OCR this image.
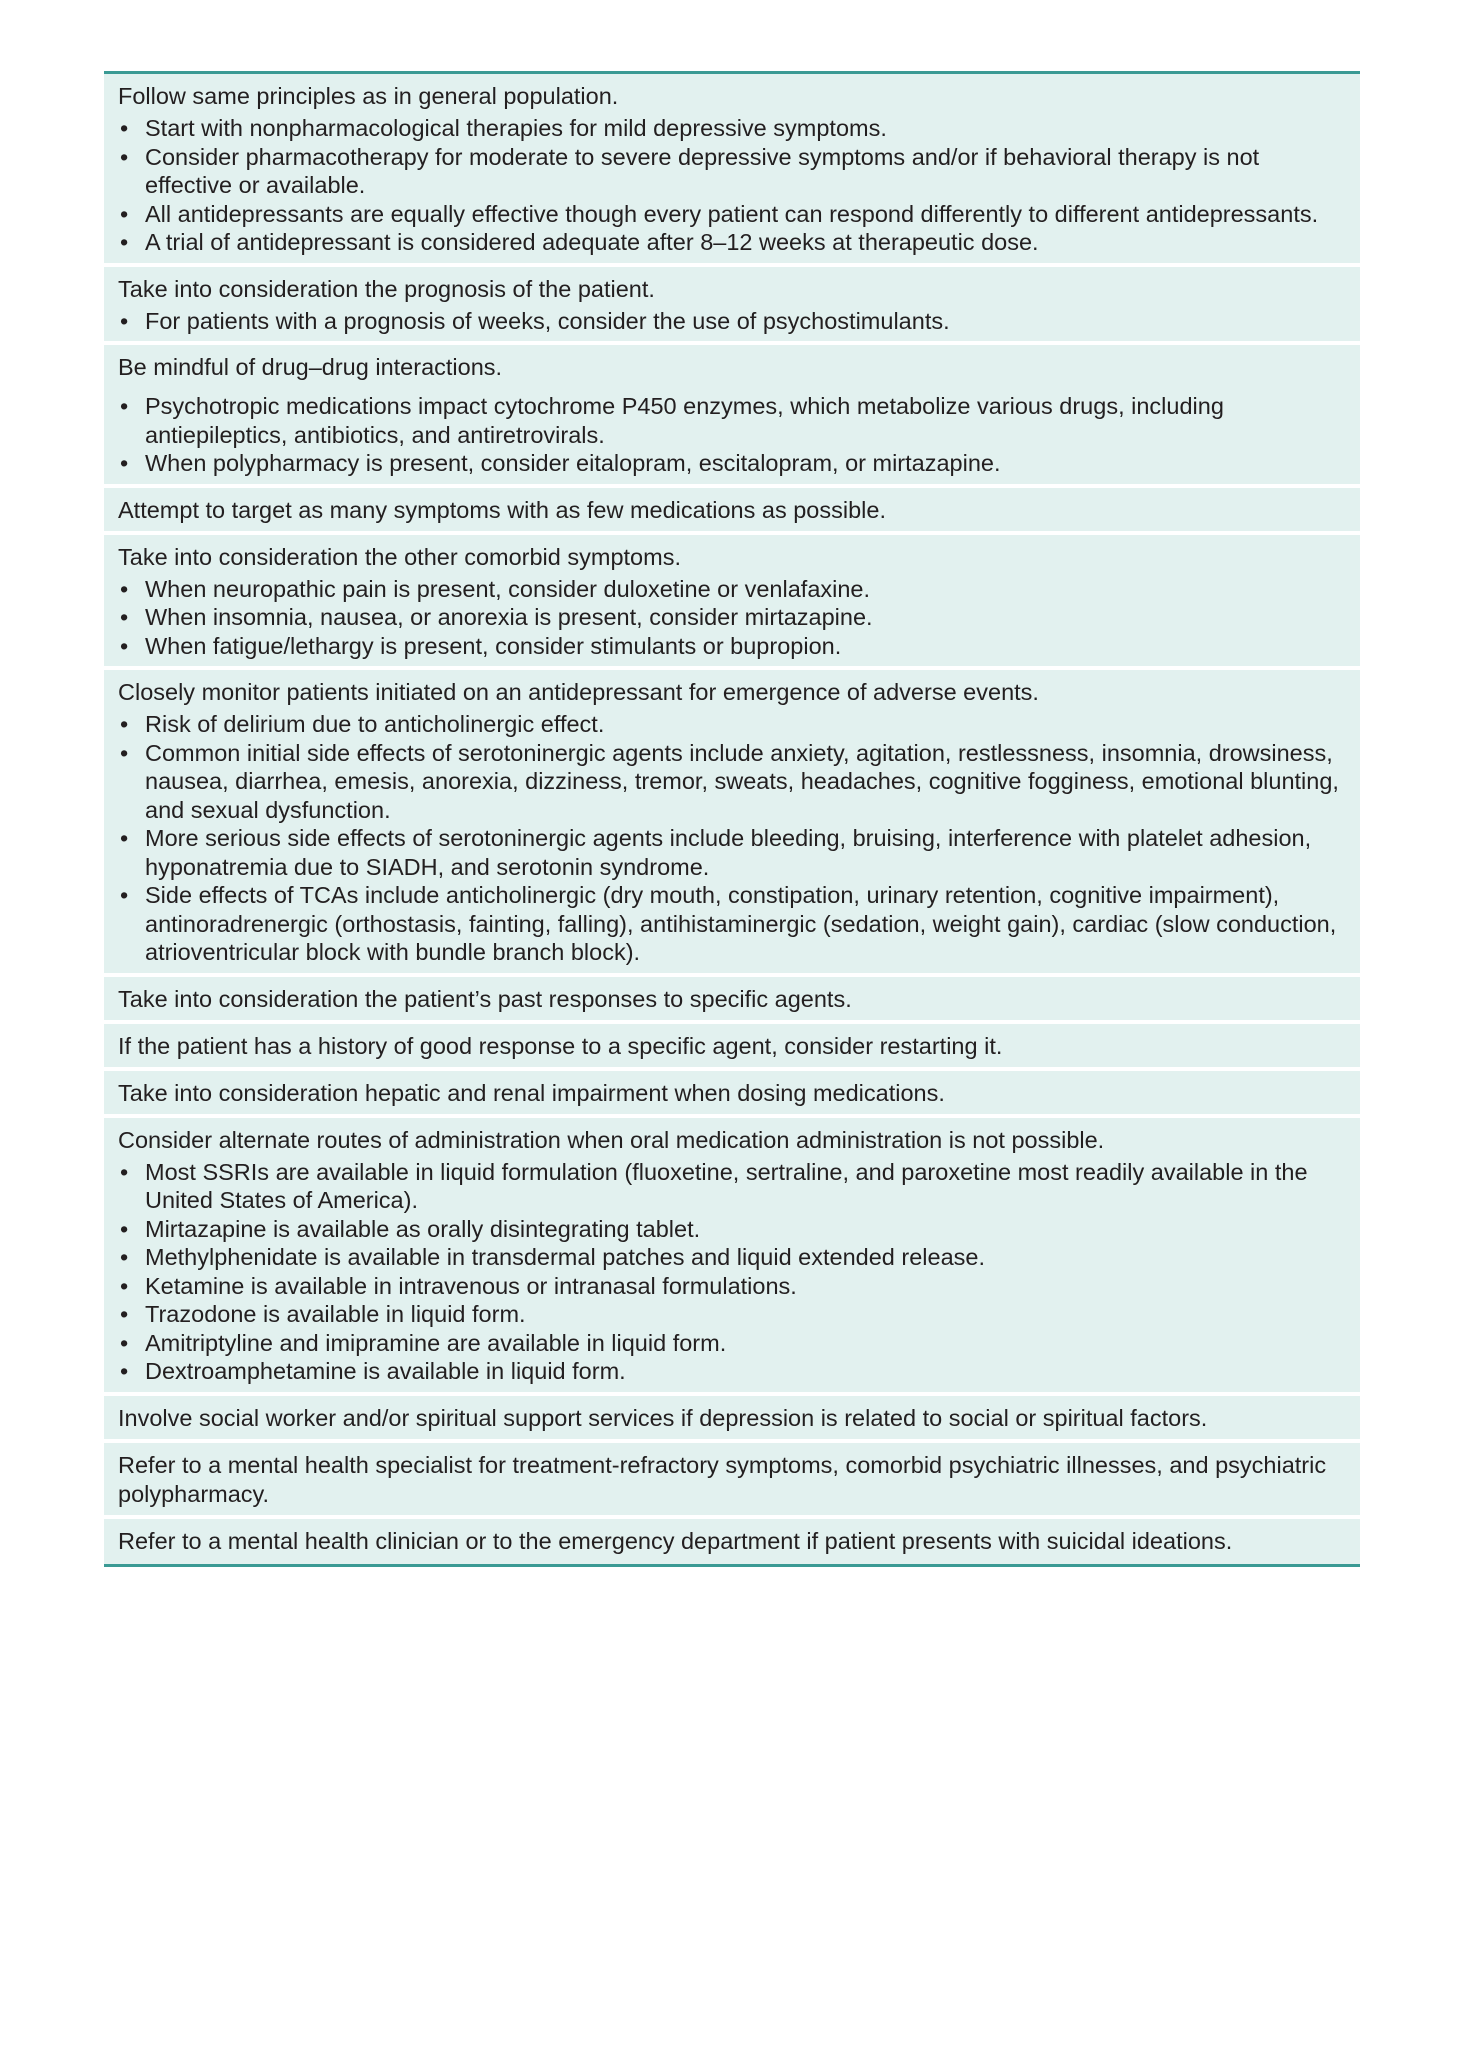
Follow same principles as in general population.

• Start with nonpharmacological therapies for mild depressive symptoms.
• Consider pharmacotherapy for moderate to severe depressive symptoms and/or if behavioral therapy is not effective or available.
• All antidepressants are equally effective though every patient can respond differently to different antidepressants.
• A trial of antidepressant is considered adequate after 8–12 weeks at therapeutic dose.

Take into consideration the prognosis of the patient.

• For patients with a prognosis of weeks, consider the use of psychostimulants.

Be mindful of drug–drug interactions.

• Psychotropic medications impact cytochrome P450 enzymes, which metabolize various drugs, including antiepileptics, antibiotics, and antiretrovirals.
• When polypharmacy is present, consider eitalopram, escitalopram, or mirtazapine.

Attempt to target as many symptoms with as few medications as possible.

Take into consideration the other comorbid symptoms.

• When neuropathic pain is present, consider duloxetine or venlafaxine.
• When insomnia, nausea, or anorexia is present, consider mirtazapine.
• When fatigue/lethargy is present, consider stimulants or bupropion.

Closely monitor patients initiated on an antidepressant for emergence of adverse events.

• Risk of delirium due to anticholinergic effect.
• Common initial side effects of serotoninergic agents include anxiety, agitation, restlessness, insomnia, drowsiness, nausea, diarrhea, emesis, anorexia, dizziness, tremor, sweats, headaches, cognitive fogginess, emotional blunting, and sexual dysfunction.
• More serious side effects of serotoninergic agents include bleeding, bruising, interference with platelet adhesion, hyponatremia due to SIADH, and serotonin syndrome.
• Side effects of TCAs include anticholinergic (dry mouth, constipation, urinary retention, cognitive impairment), antinoradrenergic (orthostasis, fainting, falling), antihistaminergic (sedation, weight gain), cardiac (slow conduction, atrioventricular block with bundle branch block).

Take into consideration the patient’s past responses to specific agents.

If the patient has a history of good response to a specific agent, consider restarting it.

Take into consideration hepatic and renal impairment when dosing medications.

Consider alternate routes of administration when oral medication administration is not possible.

• Most SSRIs are available in liquid formulation (fluoxetine, sertraline, and paroxetine most readily available in the United States of America).
• Mirtazapine is available as orally disintegrating tablet.
• Methylphenidate is available in transdermal patches and liquid extended release.
• Ketamine is available in intravenous or intranasal formulations.
• Trazodone is available in liquid form.
• Amitriptyline and imipramine are available in liquid form.
• Dextroamphetamine is available in liquid form.

Involve social worker and/or spiritual support services if depression is related to social or spiritual factors.

Refer to a mental health specialist for treatment-refractory symptoms, comorbid psychiatric illnesses, and psychiatric polypharmacy.

Refer to a mental health clinician or to the emergency department if patient presents with suicidal ideations.
